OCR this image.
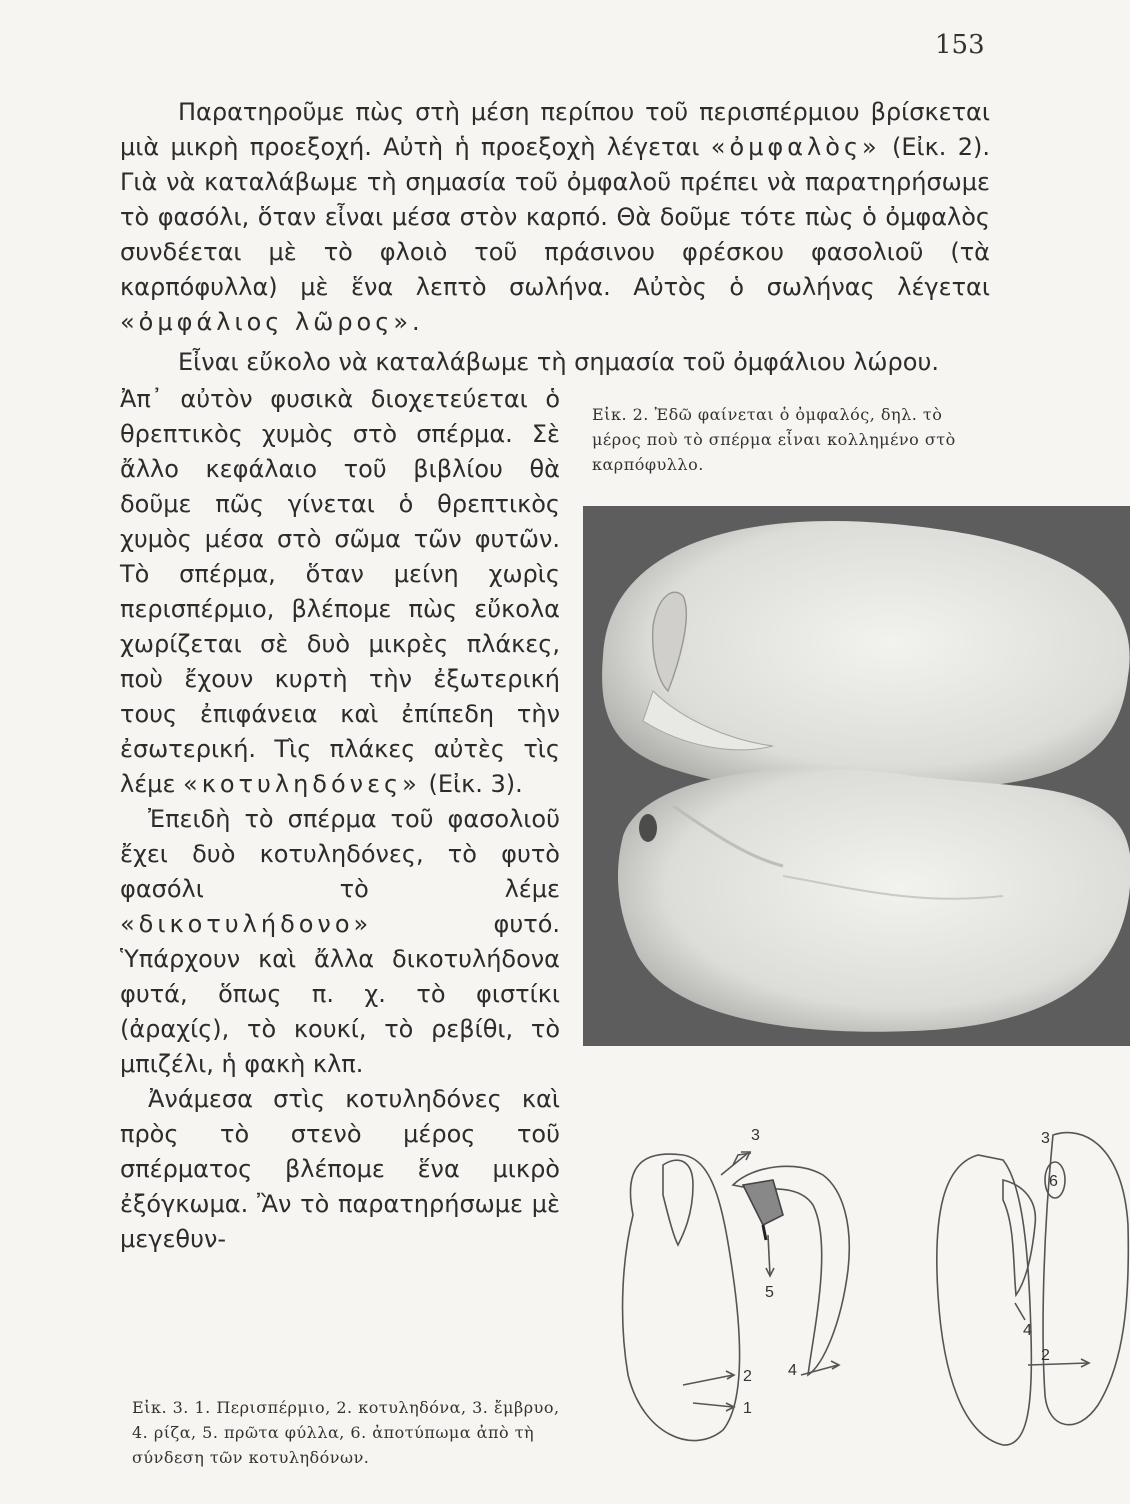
153

Παρατηροῦμε πὼς στὴ μέση περίπου τοῦ περισπέρμιου βρίσκεται μιὰ μικρὴ προεξοχή. Αὐτὴ ἡ προεξοχὴ λέγεται «ὀμφαλὸς» (Εἰκ. 2). Γιὰ νὰ καταλάβωμε τὴ σημασία τοῦ ὀμφαλοῦ πρέπει νὰ παρατηρήσωμε τὸ φασόλι, ὅταν εἶναι μέσα στὸν καρπό. Θὰ δοῦμε τότε πὼς ὁ ὀμφαλὸς συνδέεται μὲ τὸ φλοιὸ τοῦ πράσινου φρέσκου φασολιοῦ (τὰ καρπόφυλλα) μὲ ἕνα λεπτὸ σωλήνα. Αὐτὸς ὁ σωλήνας λέγεται «ὀμφάλιος λῶρος».

Εἶναι εὔκολο νὰ καταλάβωμε τὴ σημασία τοῦ ὀμφάλιου λώρου.

Εἰκ. 2. Ἐδῶ φαίνεται ὁ ὀμφαλός, δηλ. τὸ μέρος ποὺ τὸ σπέρμα εἶναι κολλημένο στὸ καρπόφυλλο.

Ἀπ᾽ αὐτὸν φυσικὰ διοχετεύεται ὁ θρεπτικὸς χυμὸς στὸ σπέρμα. Σὲ ἄλλο κεφάλαιο τοῦ βιβλίου θὰ δοῦμε πῶς γίνεται ὁ θρεπτικὸς χυμὸς μέσα στὸ σῶμα τῶν φυτῶν. Τὸ σπέρμα, ὅταν μείνη χωρὶς περισπέρμιο, βλέπομε πὼς εὔκολα χωρίζεται σὲ δυὸ μικρὲς πλάκες, ποὺ ἔχουν κυρτὴ τὴν ἐξωτερική τους ἐπιφάνεια καὶ ἐπίπεδη τὴν ἐσωτερική. Τὶς πλάκες αὐτὲς τὶς λέμε «κοτυληδόνες» (Εἰκ. 3).

Ἐπειδὴ τὸ σπέρμα τοῦ φασολιοῦ ἔχει δυὸ κοτυληδόνες, τὸ φυτὸ φασόλι τὸ λέμε «δικοτυλήδονο» φυτό. Ὑπάρχουν καὶ ἄλλα δικοτυλήδονα φυτά, ὅπως π. χ. τὸ φιστίκι (ἀραχίς), τὸ κουκί, τὸ ρεβίθι, τὸ μπιζέλι, ἡ φακὴ κλπ.

Ἀνάμεσα στὶς κοτυληδόνες καὶ πρὸς τὸ στενὸ μέρος τοῦ σπέρματος βλέπομε ἕνα μικρὸ ἐξόγκωμα. Ἂν τὸ παρατηρήσωμε μὲ μεγεθυν-

Εἰκ. 3. 1. Περισπέρμιο, 2. κοτυληδόνα, 3. ἔμβρυο, 4. ρίζα, 5. πρῶτα φύλλα, 6. ἀποτύπωμα ἀπὸ τὴ σύνδεση τῶν κοτυληδόνων.

3
2
1
4
5
3
6
4
2
